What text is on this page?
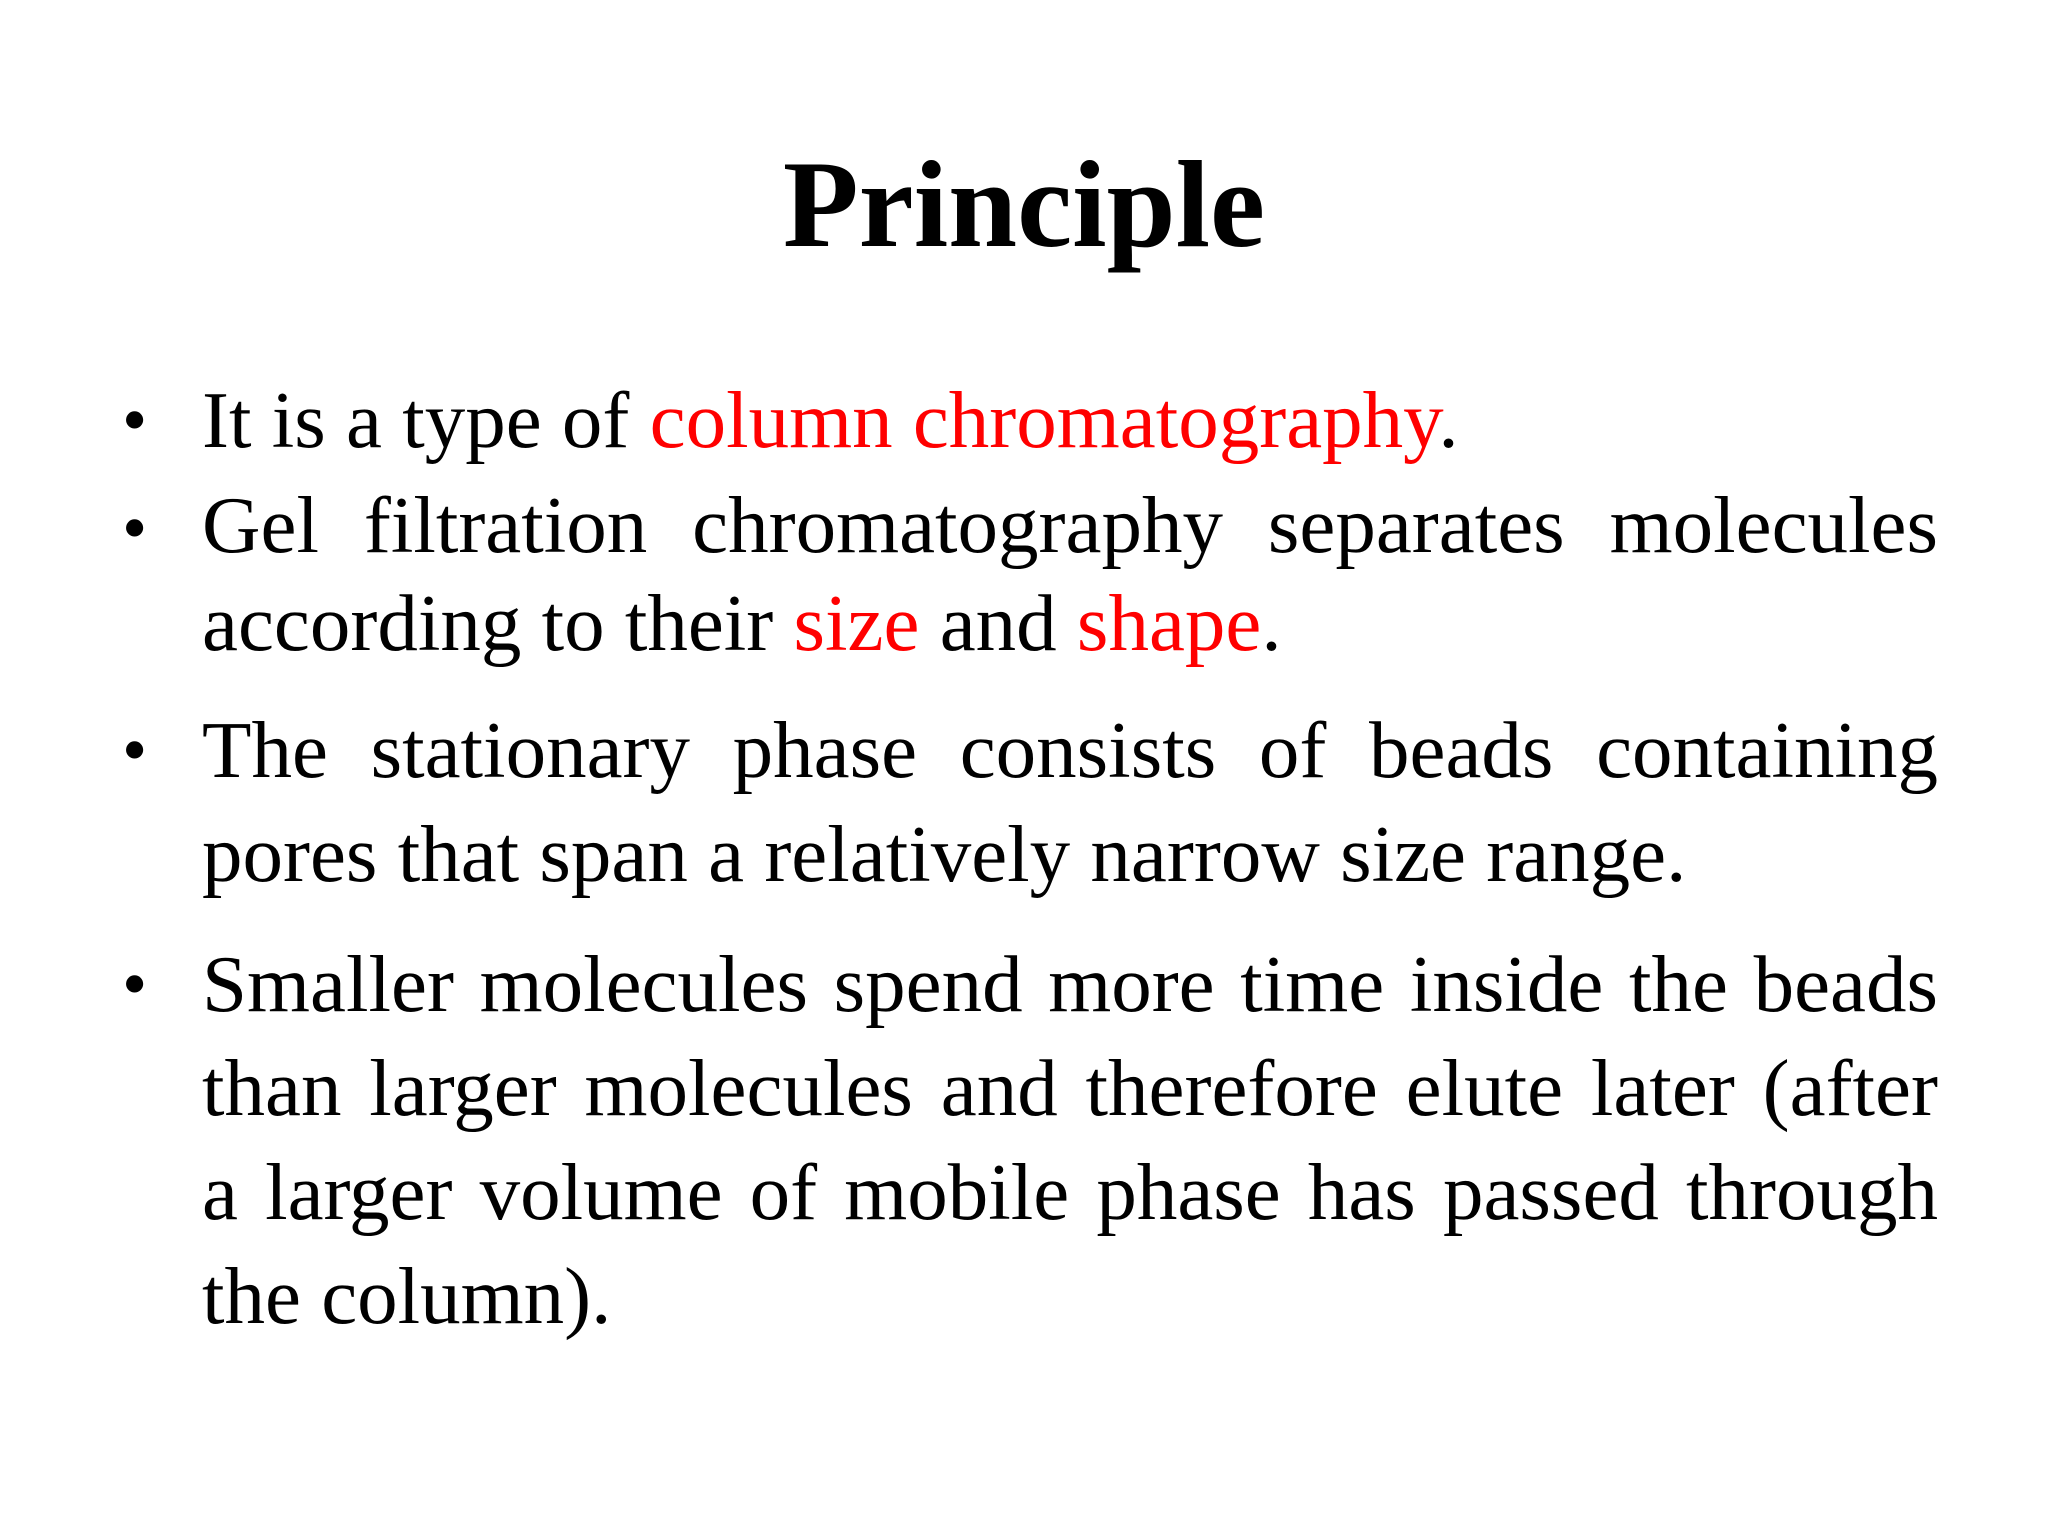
Principle
• It is a type of column chromatography.
• Gel filtration chromatography separates molecules according to their size and shape.
• The stationary phase consists of beads containing pores that span a relatively narrow size range.
• Smaller molecules spend more time inside the beads than larger molecules and therefore elute later (after a larger volume of mobile phase has passed through the column).
